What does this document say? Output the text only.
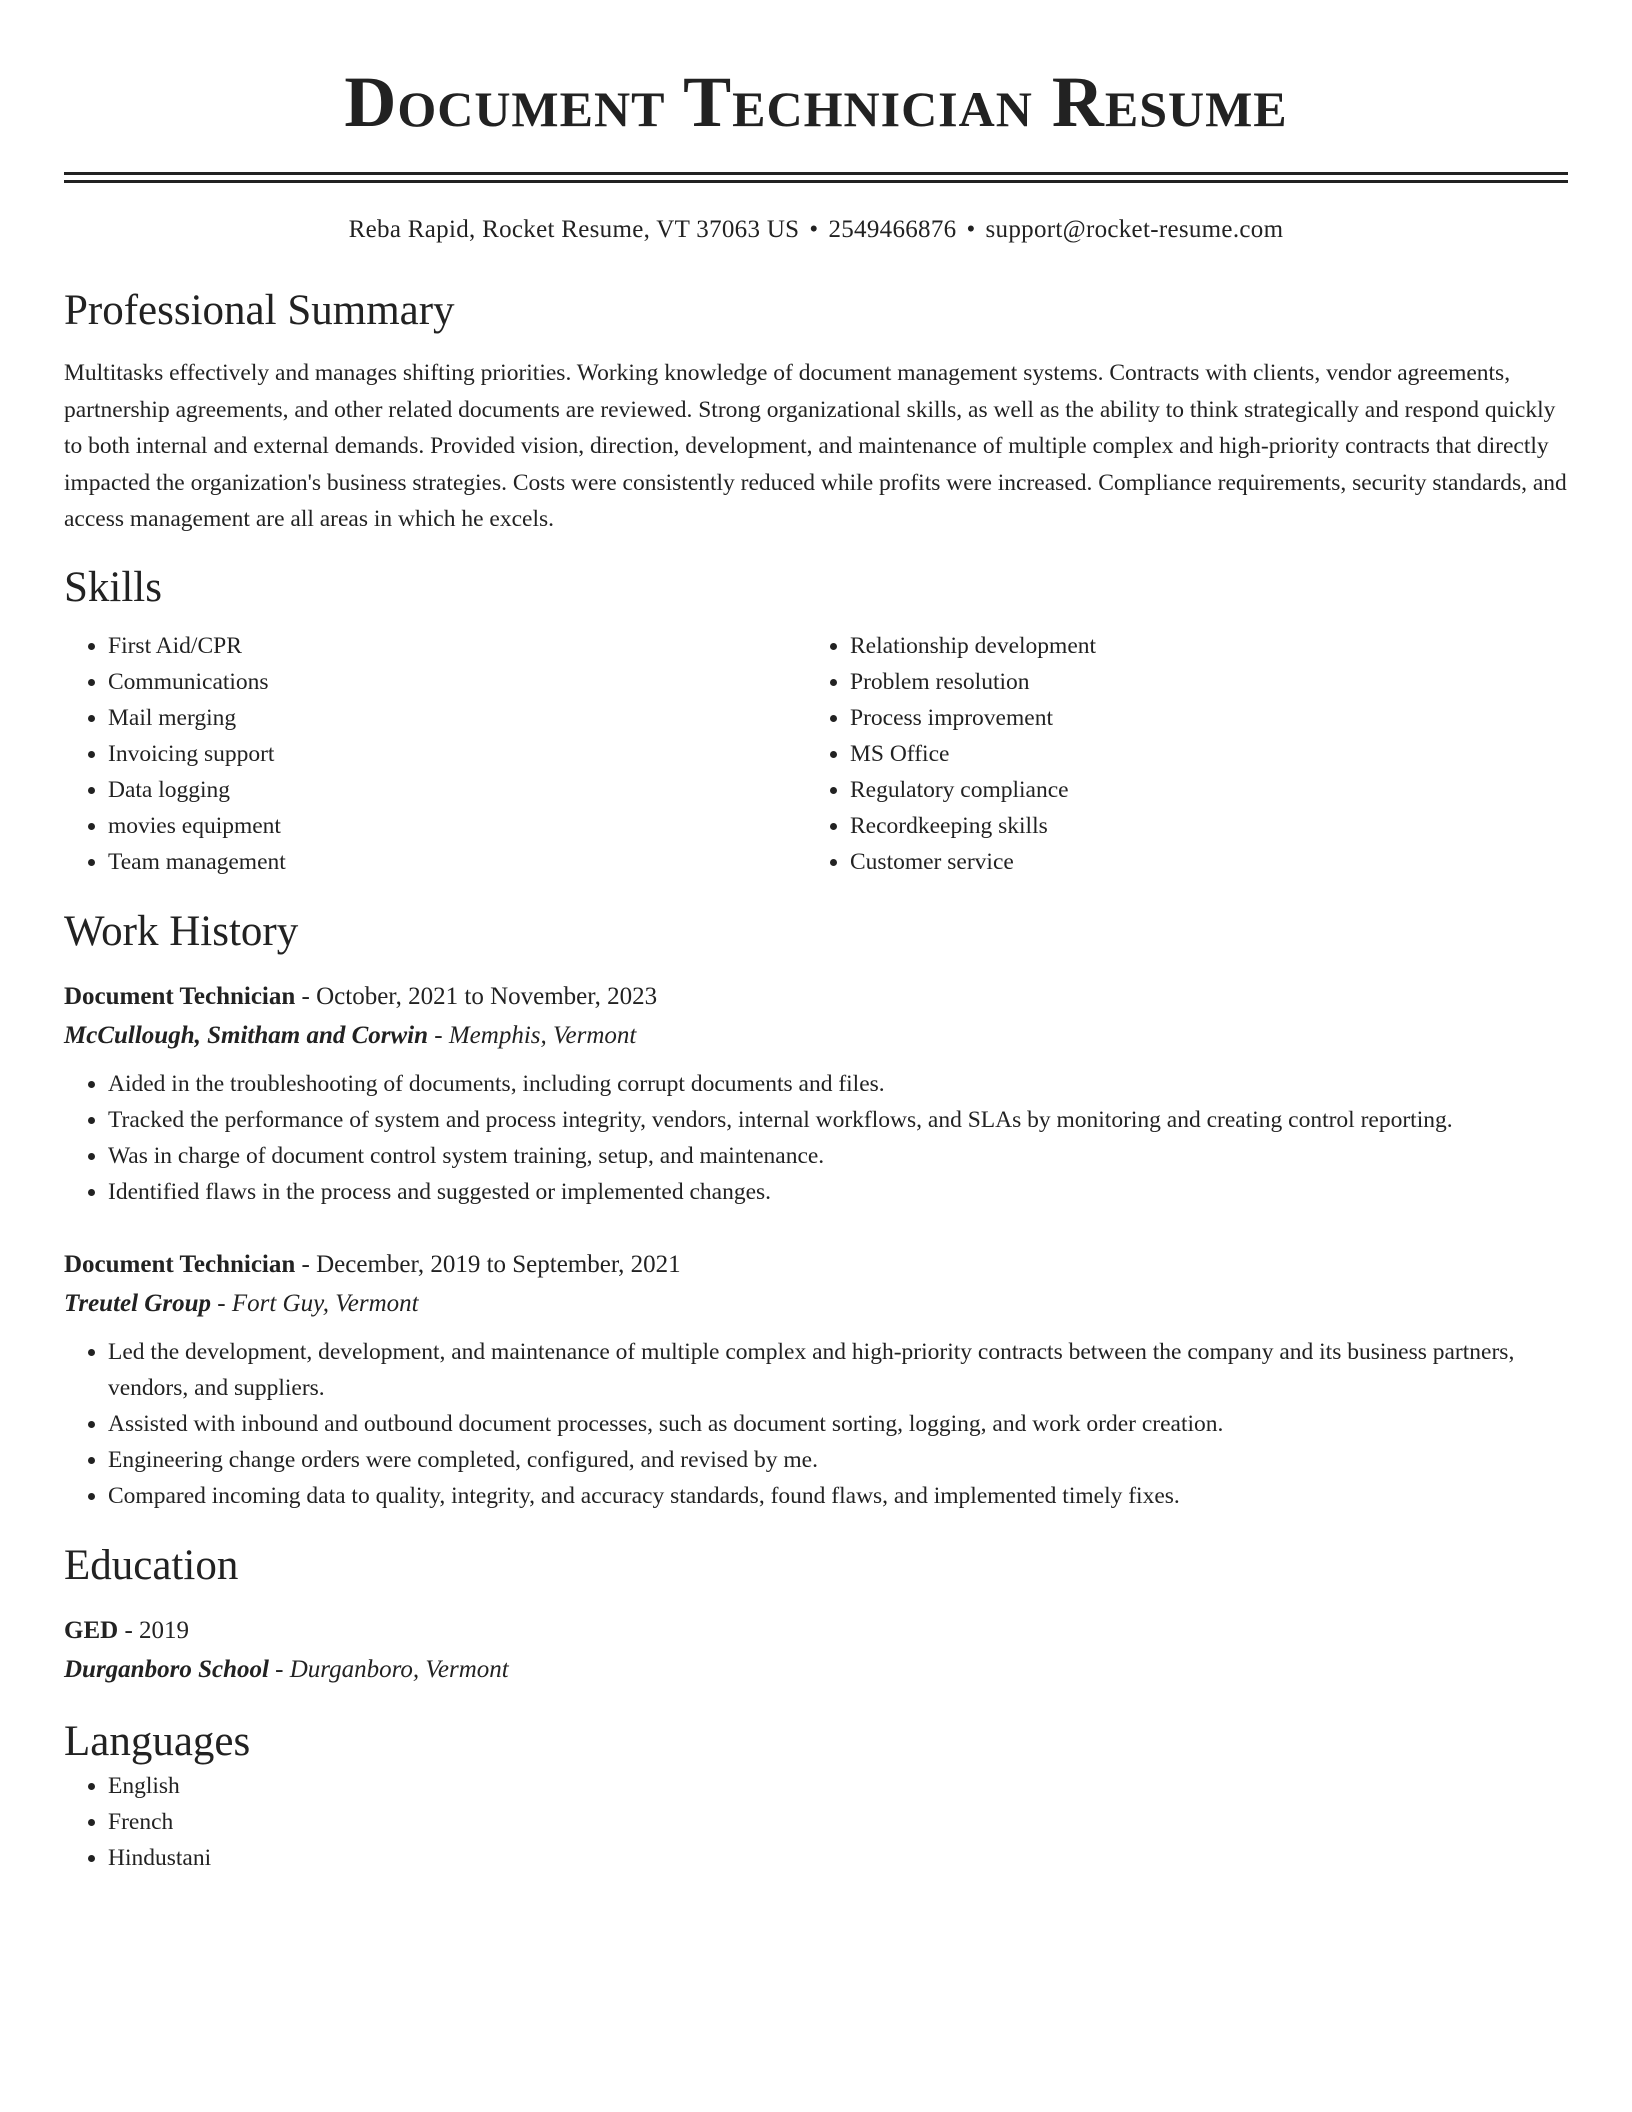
Document Technician Resume
Reba Rapid, Rocket Resume, VT 37063 US • 2549466876 • support@rocket-resume.com
Professional Summary

Multitasks effectively and manages shifting priorities. Working knowledge of document management systems. Contracts with clients, vendor agreements, partnership agreements, and other related documents are reviewed. Strong organizational skills, as well as the ability to think strategically and respond quickly to both internal and external demands. Provided vision, direction, development, and maintenance of multiple complex and high-priority contracts that directly impacted the organization's business strategies. Costs were consistently reduced while profits were increased. Compliance requirements, security standards, and access management are all areas in which he excels.

Skills
• First Aid/CPR
• Communications
• Mail merging
• Invoicing support
• Data logging
• movies equipment
• Team management
• Relationship development
• Problem resolution
• Process improvement
• MS Office
• Regulatory compliance
• Recordkeeping skills
• Customer service
Work History
Document Technician - October, 2021 to November, 2023
McCullough, Smitham and Corwin - Memphis, Vermont
• Aided in the troubleshooting of documents, including corrupt documents and files.
• Tracked the performance of system and process integrity, vendors, internal workflows, and SLAs by monitoring and creating control reporting.
• Was in charge of document control system training, setup, and maintenance.
• Identified flaws in the process and suggested or implemented changes.
Document Technician - December, 2019 to September, 2021
Treutel Group - Fort Guy, Vermont
• Led the development, development, and maintenance of multiple complex and high-priority contracts between the company and its business partners, vendors, and suppliers.
• Assisted with inbound and outbound document processes, such as document sorting, logging, and work order creation.
• Engineering change orders were completed, configured, and revised by me.
• Compared incoming data to quality, integrity, and accuracy standards, found flaws, and implemented timely fixes.
Education
GED - 2019
Durganboro School - Durganboro, Vermont
Languages
• English
• French
• Hindustani
